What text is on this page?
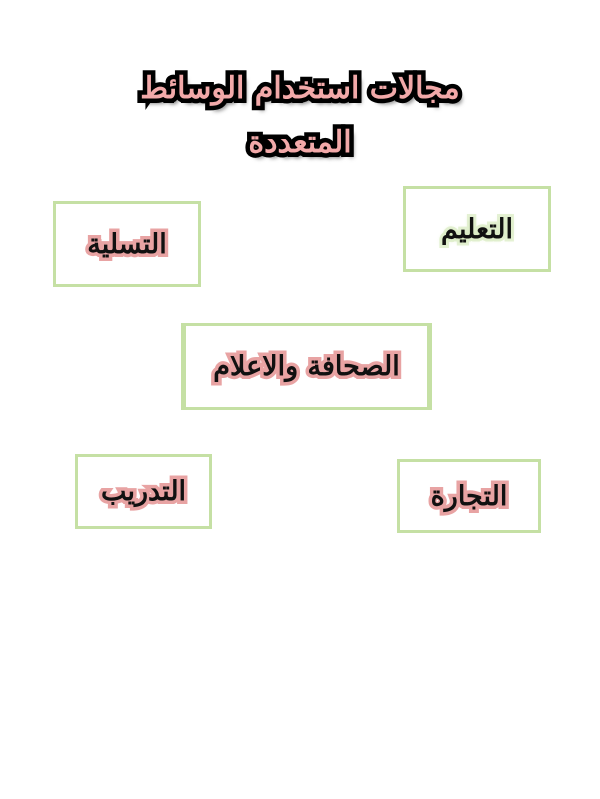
مجالات استخدام الوسائط
المتعددة
التسلية	التعليم
الصحافة والاعلام
التدريب	التجارة
